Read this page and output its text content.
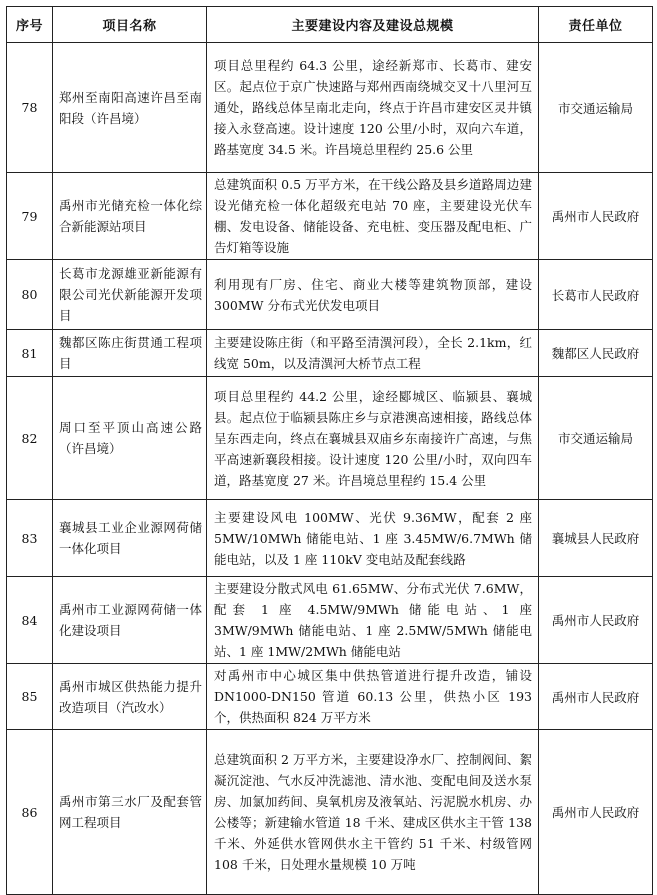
序号	项目名称	主要建设内容及建设总规模	责任单位
78	郑州至南阳高速许昌至南阳段（许昌境）	项目总里程约 64.3 公里，途经新郑市、长葛市、建安区。起点位于京广快速路与郑州西南绕城交叉十八里河互通处，路线总体呈南北走向，终点于许昌市建安区灵井镇接入永登高速。设计速度 120 公里/小时，双向六车道，路基宽度 34.5 米。许昌境总里程约 25.6 公里	市交通运输局
79	禹州市光储充检一体化综合新能源站项目	总建筑面积 0.5 万平方米，在干线公路及县乡道路周边建设光储充检一体化超级充电站 70 座，主要建设光伏车棚、发电设备、储能设备、充电桩、变压器及配电柜、广告灯箱等设施	禹州市人民政府
80	长葛市龙源雄亚新能源有限公司光伏新能源开发项目	利用现有厂房、住宅、商业大楼等建筑物顶部，建设 300MW 分布式光伏发电项目	长葛市人民政府
81	魏都区陈庄街贯通工程项目	主要建设陈庄街（和平路至清潩河段），全长 2.1km，红线宽 50m，以及清潩河大桥节点工程	魏都区人民政府
82	周口至平顶山高速公路（许昌境）	项目总里程约 44.2 公里，途经郾城区、临颍县、襄城县。起点位于临颍县陈庄乡与京港澳高速相接，路线总体呈东西走向，终点在襄城县双庙乡东南接许广高速，与焦平高速新襄段相接。设计速度 120 公里/小时，双向四车道，路基宽度 27 米。许昌境总里程约 15.4 公里	市交通运输局
83	襄城县工业企业源网荷储一体化项目	主要建设风电 100MW、光伏 9.36MW，配套 2 座 5MW/10MWh 储能电站、1 座 3.45MW/6.7MWh 储能电站，以及 1 座 110kV 变电站及配套线路	襄城县人民政府
84	禹州市工业源网荷储一体化建设项目	主要建设分散式风电 61.65MW、分布式光伏 7.6MW，配套 1 座 4.5MW/9MWh 储能电站、1 座 3MW/9MWh 储能电站、1 座 2.5MW/5MWh 储能电站、1 座 1MW/2MWh 储能电站	禹州市人民政府
85	禹州市城区供热能力提升改造项目（汽改水）	对禹州市中心城区集中供热管道进行提升改造，铺设 DN1000-DN150 管道 60.13 公里，供热小区 193 个，供热面积 824 万平方米	禹州市人民政府
86	禹州市第三水厂及配套管网工程项目	总建筑面积 2 万平方米，主要建设净水厂、控制阀间、絮凝沉淀池、气水反冲洗滤池、清水池、变配电间及送水泵房、加氯加药间、臭氧机房及液氧站、污泥脱水机房、办公楼等；新建输水管道 18 千米、建成区供水主干管 138 千米、外延供水管网供水主干管约 51 千米、村级管网 108 千米，日处理水量规模 10 万吨	禹州市人民政府
